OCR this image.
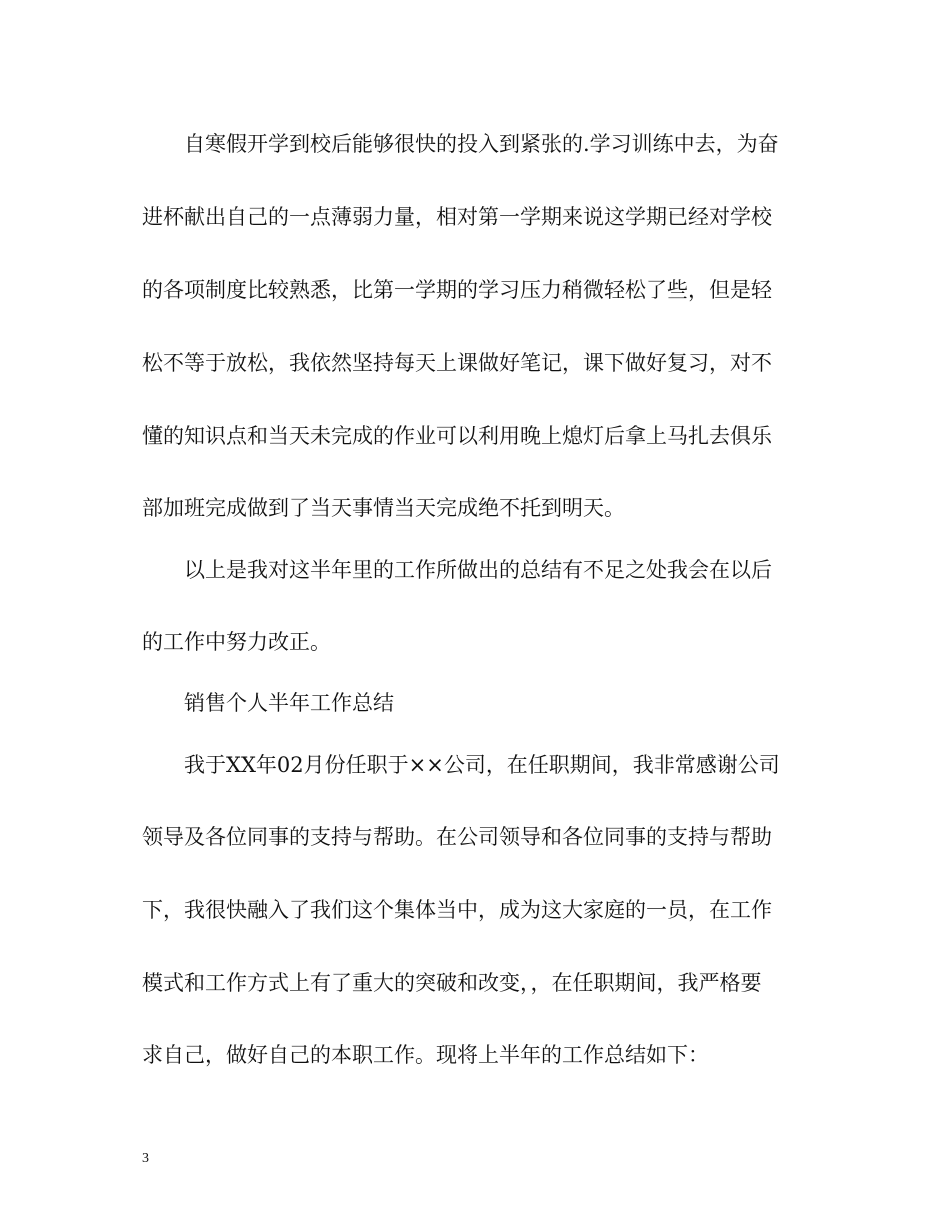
自寒假开学到校后能够很快的投入到紧张的.学习训练中去，为奋

进杯献出自己的一点薄弱力量，相对第一学期来说这学期已经对学校

的各项制度比较熟悉，比第一学期的学习压力稍微轻松了些，但是轻

松不等于放松，我依然坚持每天上课做好笔记，课下做好复习，对不

懂的知识点和当天未完成的作业可以利用晚上熄灯后拿上马扎去俱乐

部加班完成做到了当天事情当天完成绝不托到明天。

以上是我对这半年里的工作所做出的总结有不足之处我会在以后

的工作中努力改正。

销售个人半年工作总结

我于XX年02月份任职于××公司，在任职期间，我非常感谢公司

领导及各位同事的支持与帮助。在公司领导和各位同事的支持与帮助

下，我很快融入了我们这个集体当中，成为这大家庭的一员，在工作

模式和工作方式上有了重大的突破和改变，，在任职期间，我严格要

求自己，做好自己的本职工作。现将上半年的工作总结如下：

3
